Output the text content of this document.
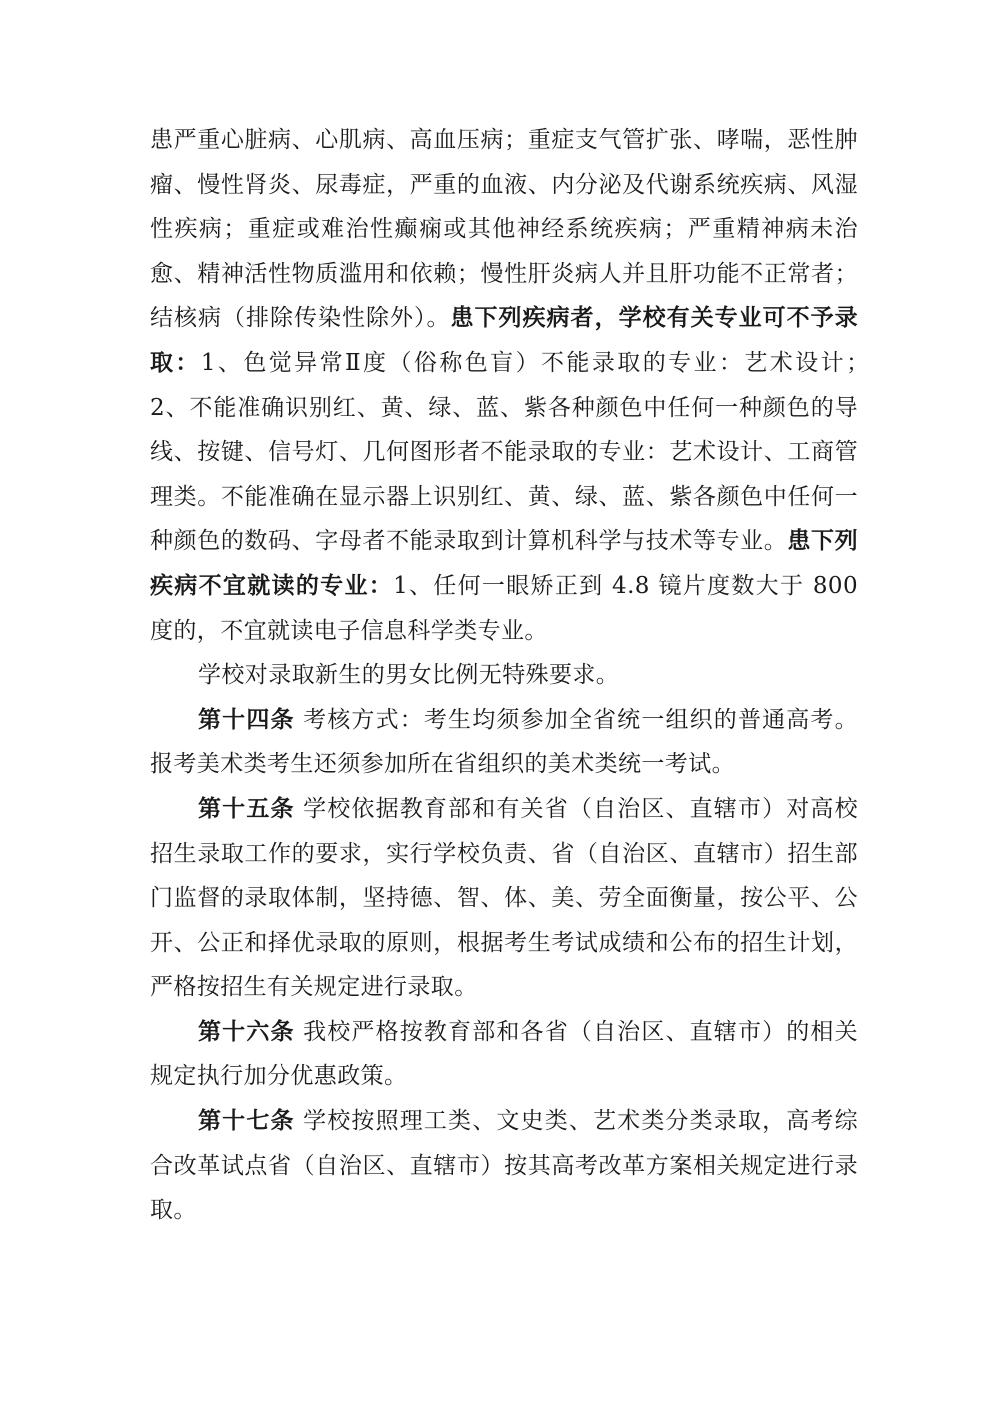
患严重心脏病、心肌病、高血压病；重症支气管扩张、哮喘，恶性肿瘤、慢性肾炎、尿毒症，严重的血液、内分泌及代谢系统疾病、风湿性疾病；重症或难治性癫痫或其他神经系统疾病；严重精神病未治愈、精神活性物质滥用和依赖；慢性肝炎病人并且肝功能不正常者；结核病（排除传染性除外）。患下列疾病者，学校有关专业可不予录取：1、色觉异常Ⅱ度（俗称色盲）不能录取的专业：艺术设计；　2、不能准确识别红、黄、绿、蓝、紫各种颜色中任何一种颜色的导线、按键、信号灯、几何图形者不能录取的专业：艺术设计、工商管理类。不能准确在显示器上识别红、黄、绿、蓝、紫各颜色中任何一种颜色的数码、字母者不能录取到计算机科学与技术等专业。患下列疾病不宜就读的专业：1、任何一眼矫正到 4.8 镜片度数大于 800 度的，不宜就读电子信息科学类专业。

学校对录取新生的男女比例无特殊要求。

第十四条 考核方式：考生均须参加全省统一组织的普通高考。报考美术类考生还须参加所在省组织的美术类统一考试。

第十五条 学校依据教育部和有关省（自治区、直辖市）对高校招生录取工作的要求，实行学校负责、省（自治区、直辖市）招生部门监督的录取体制，坚持德、智、体、美、劳全面衡量，按公平、公开、公正和择优录取的原则，根据考生考试成绩和公布的招生计划，严格按招生有关规定进行录取。

第十六条 我校严格按教育部和各省（自治区、直辖市）的相关规定执行加分优惠政策。

第十七条 学校按照理工类、文史类、艺术类分类录取，高考综合改革试点省（自治区、直辖市）按其高考改革方案相关规定进行录取。
